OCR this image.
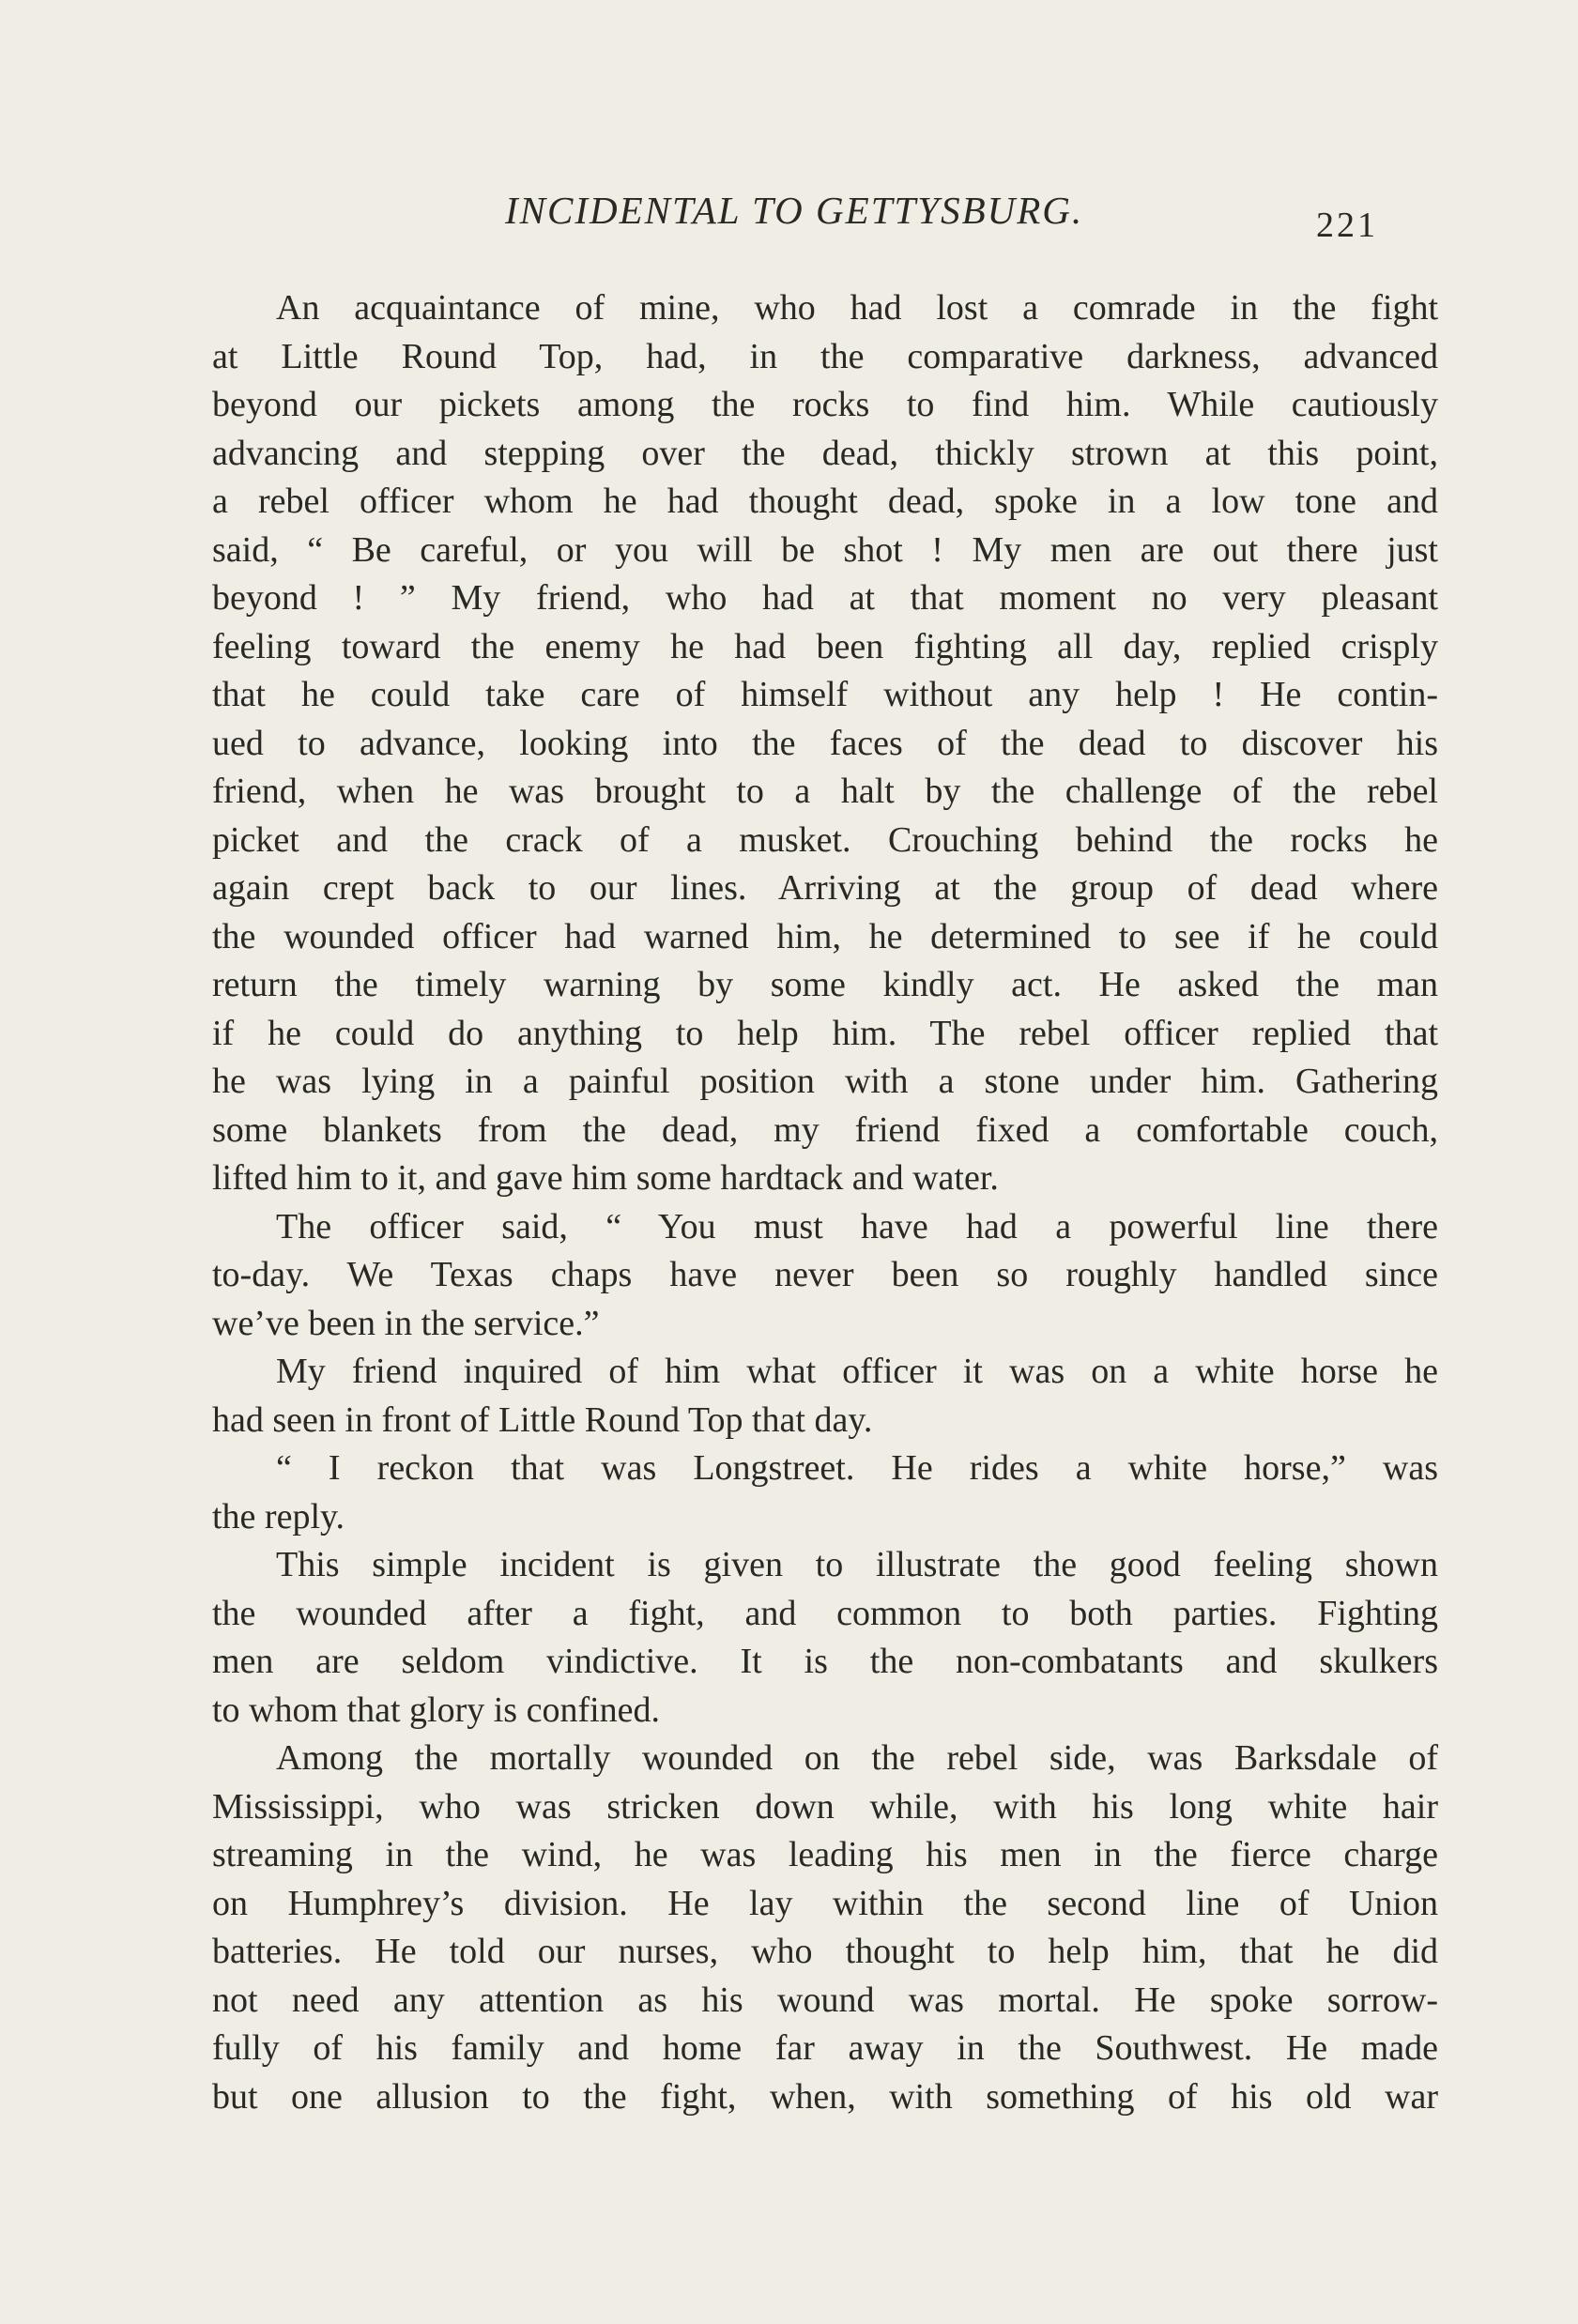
INCIDENTAL TO GETTYSBURG.	221
An acquaintance of mine, who had lost a comrade in the fight
at Little Round Top, had, in the comparative darkness, advanced
beyond our pickets among the rocks to find him. While cautiously
advancing and stepping over the dead, thickly strown at this point,
a rebel officer whom he had thought dead, spoke in a low tone and
said, “ Be careful, or you will be shot ! My men are out there just
beyond ! ” My friend, who had at that moment no very pleasant
feeling toward the enemy he had been fighting all day, replied crisply
that he could take care of himself without any help ! He contin-
ued to advance, looking into the faces of the dead to discover his
friend, when he was brought to a halt by the challenge of the rebel
picket and the crack of a musket. Crouching behind the rocks he
again crept back to our lines. Arriving at the group of dead where
the wounded officer had warned him, he determined to see if he could
return the timely warning by some kindly act. He asked the man
if he could do anything to help him. The rebel officer replied that
he was lying in a painful position with a stone under him. Gathering
some blankets from the dead, my friend fixed a comfortable couch,
lifted him to it, and gave him some hardtack and water.
The officer said, “ You must have had a powerful line there
to-day. We Texas chaps have never been so roughly handled since
we’ve been in the service.”
My friend inquired of him what officer it was on a white horse he
had seen in front of Little Round Top that day.
“ I reckon that was Longstreet. He rides a white horse,” was
the reply.
This simple incident is given to illustrate the good feeling shown
the wounded after a fight, and common to both parties. Fighting
men are seldom vindictive. It is the non-combatants and skulkers
to whom that glory is confined.
Among the mortally wounded on the rebel side, was Barksdale of
Mississippi, who was stricken down while, with his long white hair
streaming in the wind, he was leading his men in the fierce charge
on Humphrey’s division. He lay within the second line of Union
batteries. He told our nurses, who thought to help him, that he did
not need any attention as his wound was mortal. He spoke sorrow-
fully of his family and home far away in the Southwest. He made
but one allusion to the fight, when, with something of his old war
